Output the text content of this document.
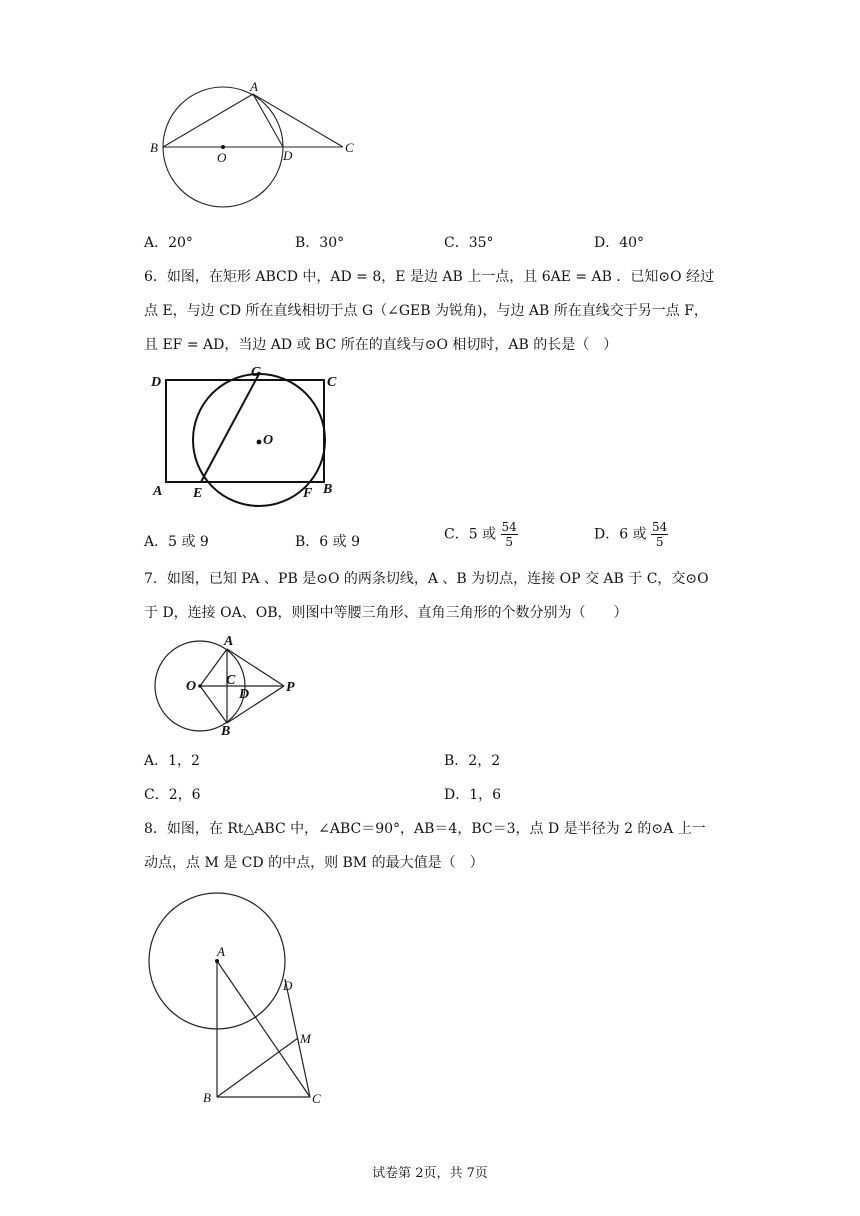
A
B
O	D
C
A．20°	B．30°	C．35°	D．40°
6．如图，在矩形 ABCD 中，AD = 8，E 是边 AB 上一点，且 6AE = AB ．已知⊙O 经过
点 E，与边 CD 所在直线相切于点 G（∠GEB 为锐角)，与边 AB 所在直线交于另一点 F，
且 EF = AD，当边 AD 或 BC 所在的直线与⊙O 相切时，AB 的长是（　）
D
G
C
O
A E	F B
A．5 或 9	B．6 或 9	C．5 或 $\frac{54}{5}$	D．6 或 $\frac{54}{5}$
7．如图，已知 PA 、PB 是⊙O 的两条切线，A 、B 为切点，连接 OP 交 AB 于 C，交⊙O
于 D，连接 OA、OB，则图中等腰三角形、直角三角形的个数分别为（　　）
A
O C
D	P
B
A．1，2	B．2，2
C．2，6	D．1，6
8．如图，在 Rt△ABC 中，∠ABC＝90°，AB＝4，BC＝3，点 D 是半径为 2 的⊙A 上一
动点，点 M 是 CD 的中点，则 BM 的最大值是（　）
A
D
M
B	C
试卷第 2页，共 7页
